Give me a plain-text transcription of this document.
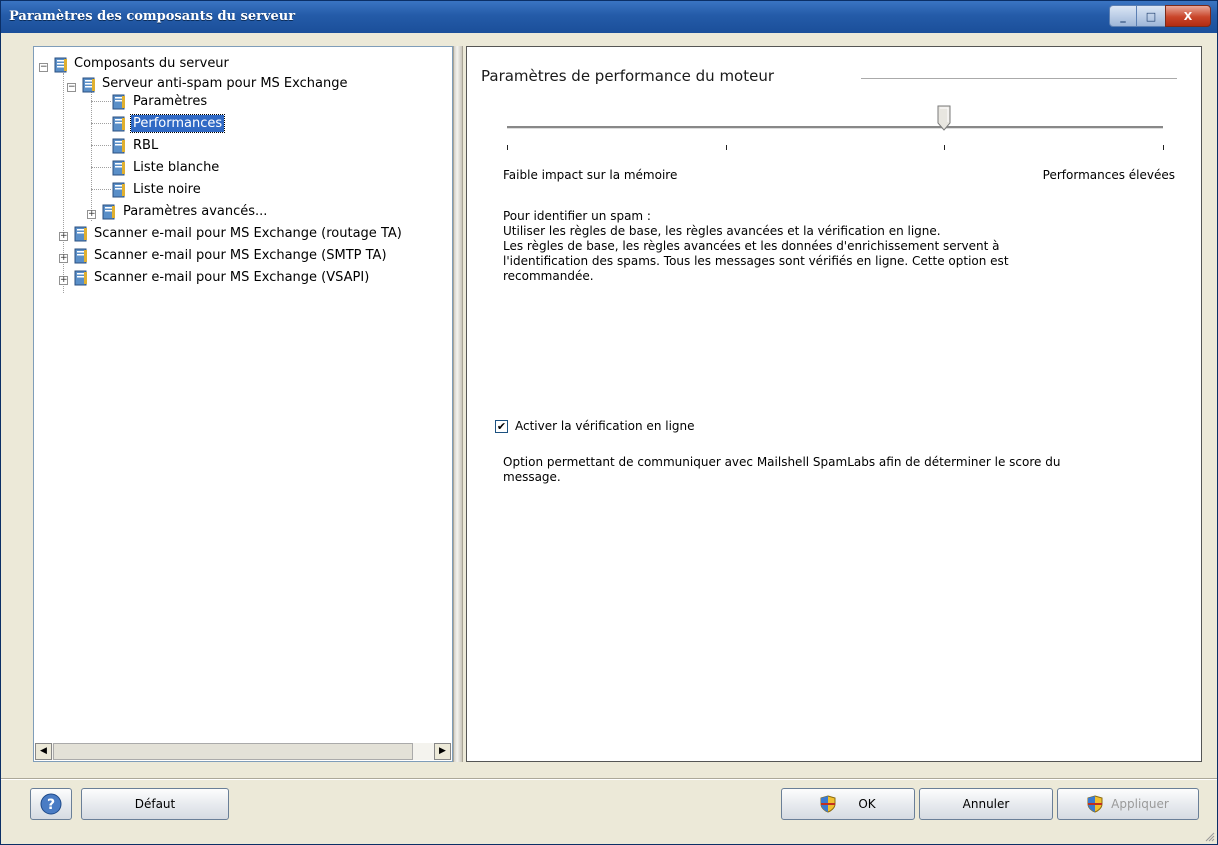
Paramètres des composants du serveur	_	□	X
− Composants du serveur
− Serveur anti-spam pour MS Exchange
Paramètres
Performances
RBL
Liste blanche
Liste noire
+ Paramètres avancés...
+ Scanner e-mail pour MS Exchange (routage TA)
+ Scanner e-mail pour MS Exchange (SMTP TA)
+ Scanner e-mail pour MS Exchange (VSAPI)
◀	▶
Paramètres de performance du moteur
Faible impact sur la mémoire	Performances élevées
Pour identifier un spam :
Utiliser les règles de base, les règles avancées et la vérification en ligne.
Les règles de base, les règles avancées et les données d'enrichissement servent à
l'identification des spams. Tous les messages sont vérifiés en ligne. Cette option est
recommandée.
✔ Activer la vérification en ligne
Option permettant de communiquer avec Mailshell SpamLabs afin de déterminer le score du
message.
?	Défaut	OK	Annuler	Appliquer
